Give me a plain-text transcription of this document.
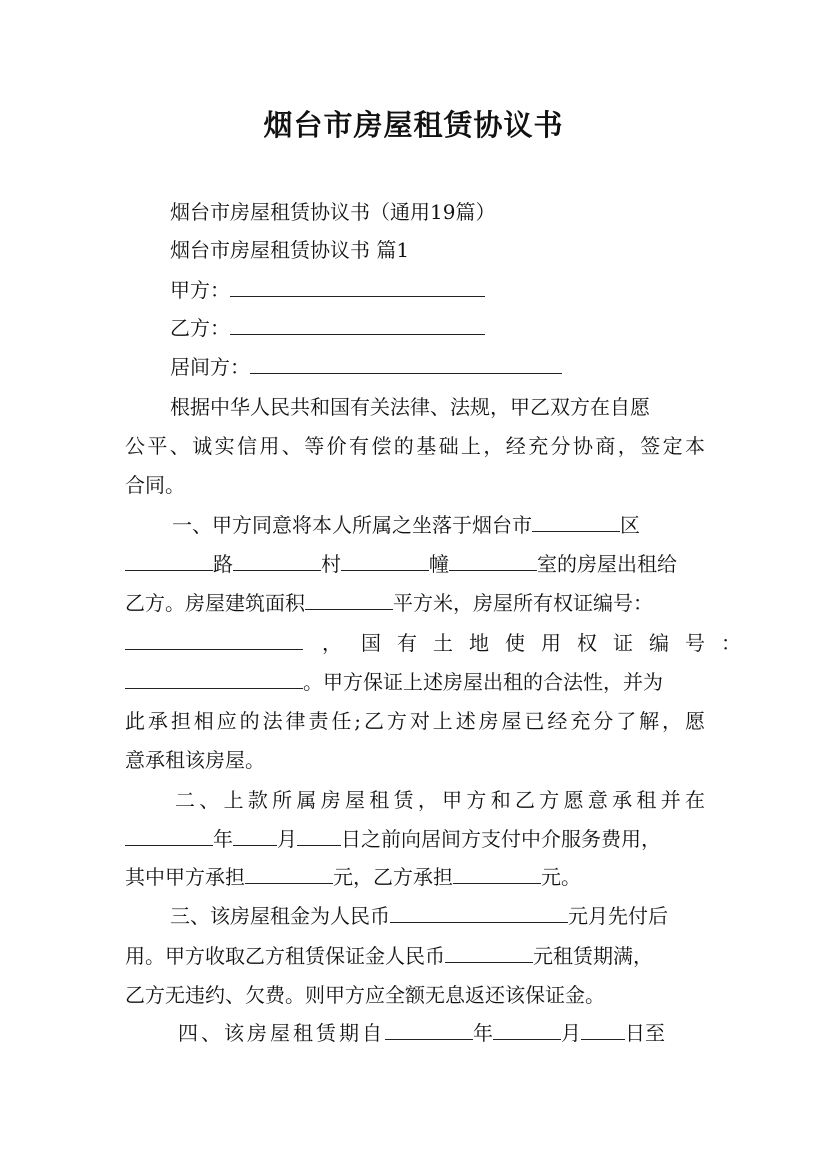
烟台市房屋租赁协议书

烟台市房屋租赁协议书（通用19篇）

烟台市房屋租赁协议书 篇1

甲方：

乙方：

居间方：

根据中华人民共和国有关法律、法规，甲乙双方在自愿

公平、诚实信用、等价有偿的基础上，经充分协商，签定本

合同。

一、甲方同意将本人所属之坐落于烟台市	区

路	村	幢	室的房屋出租给

乙方。房屋建筑面积	平方米，房屋所有权证编号：

， 国有土地使用权证编号：

。甲方保证上述房屋出租的合法性，并为

此承担相应的法律责任;乙方对上述房屋已经充分了解，愿

意承租该房屋。

二、上款所属房屋租赁，甲方和乙方愿意承租并在

年 月 日之前向居间方支付中介服务费用，

其中甲方承担	元，乙方承担	元。

三、该房屋租金为人民币	元月先付后

用。甲方收取乙方租赁保证金人民币	元租赁期满，

乙方无违约、欠费。则甲方应全额无息返还该保证金。

四、该房屋租赁期自	年	月 日至
